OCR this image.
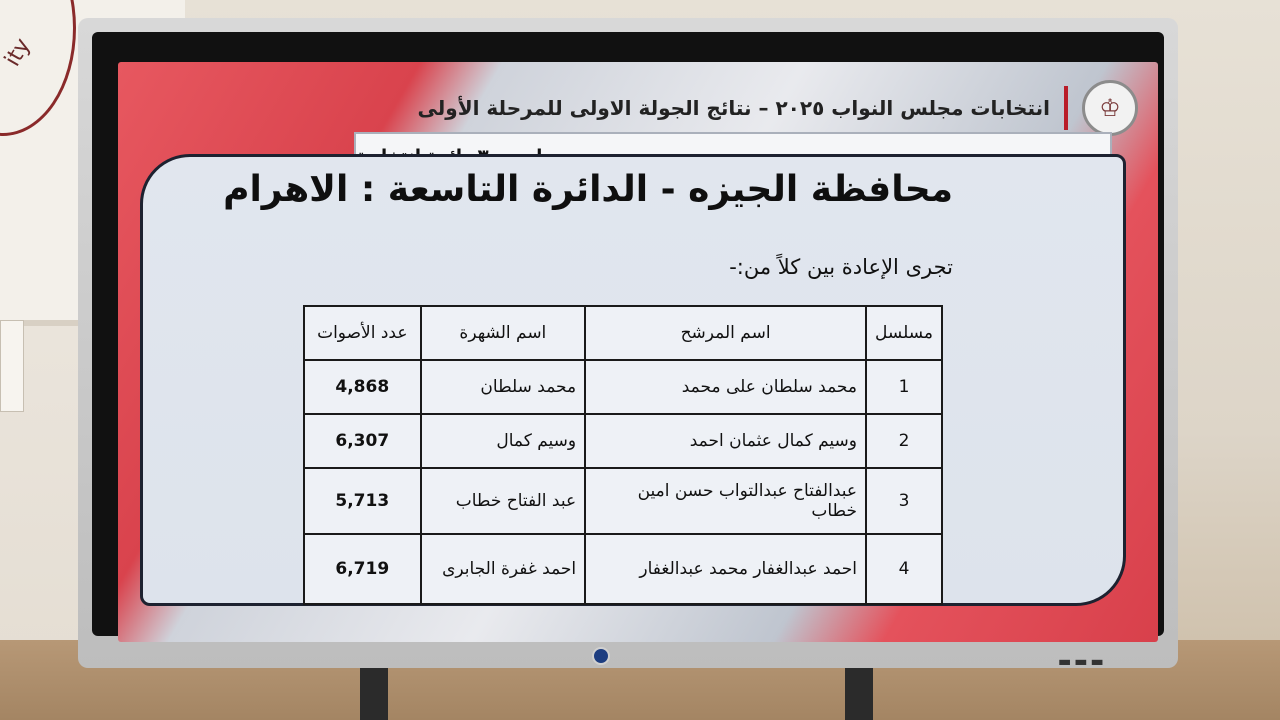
ity
♔
انتخابات مجلس النواب ٢٠٢٥ – نتائج الجولة الاولى للمرحلة الأولى
محافظة الجيزه - الدائرة التاسعة : الاهرام
تجرى الإعادة بين كلاً من:-
مسلسل	اسم المرشح	اسم الشهرة	عدد الأصوات
1	محمد سلطان على محمد	محمد سلطان	4,868
2	وسيم كمال عثمان احمد	وسيم كمال	6,307
3	عبدالفتاح عبدالتواب حسن امين خطاب	عبد الفتاح خطاب	5,713
4	احمد عبدالغفار محمد عبدالغفار	احمد غفرة الجابرى	6,719
▬▬▬
